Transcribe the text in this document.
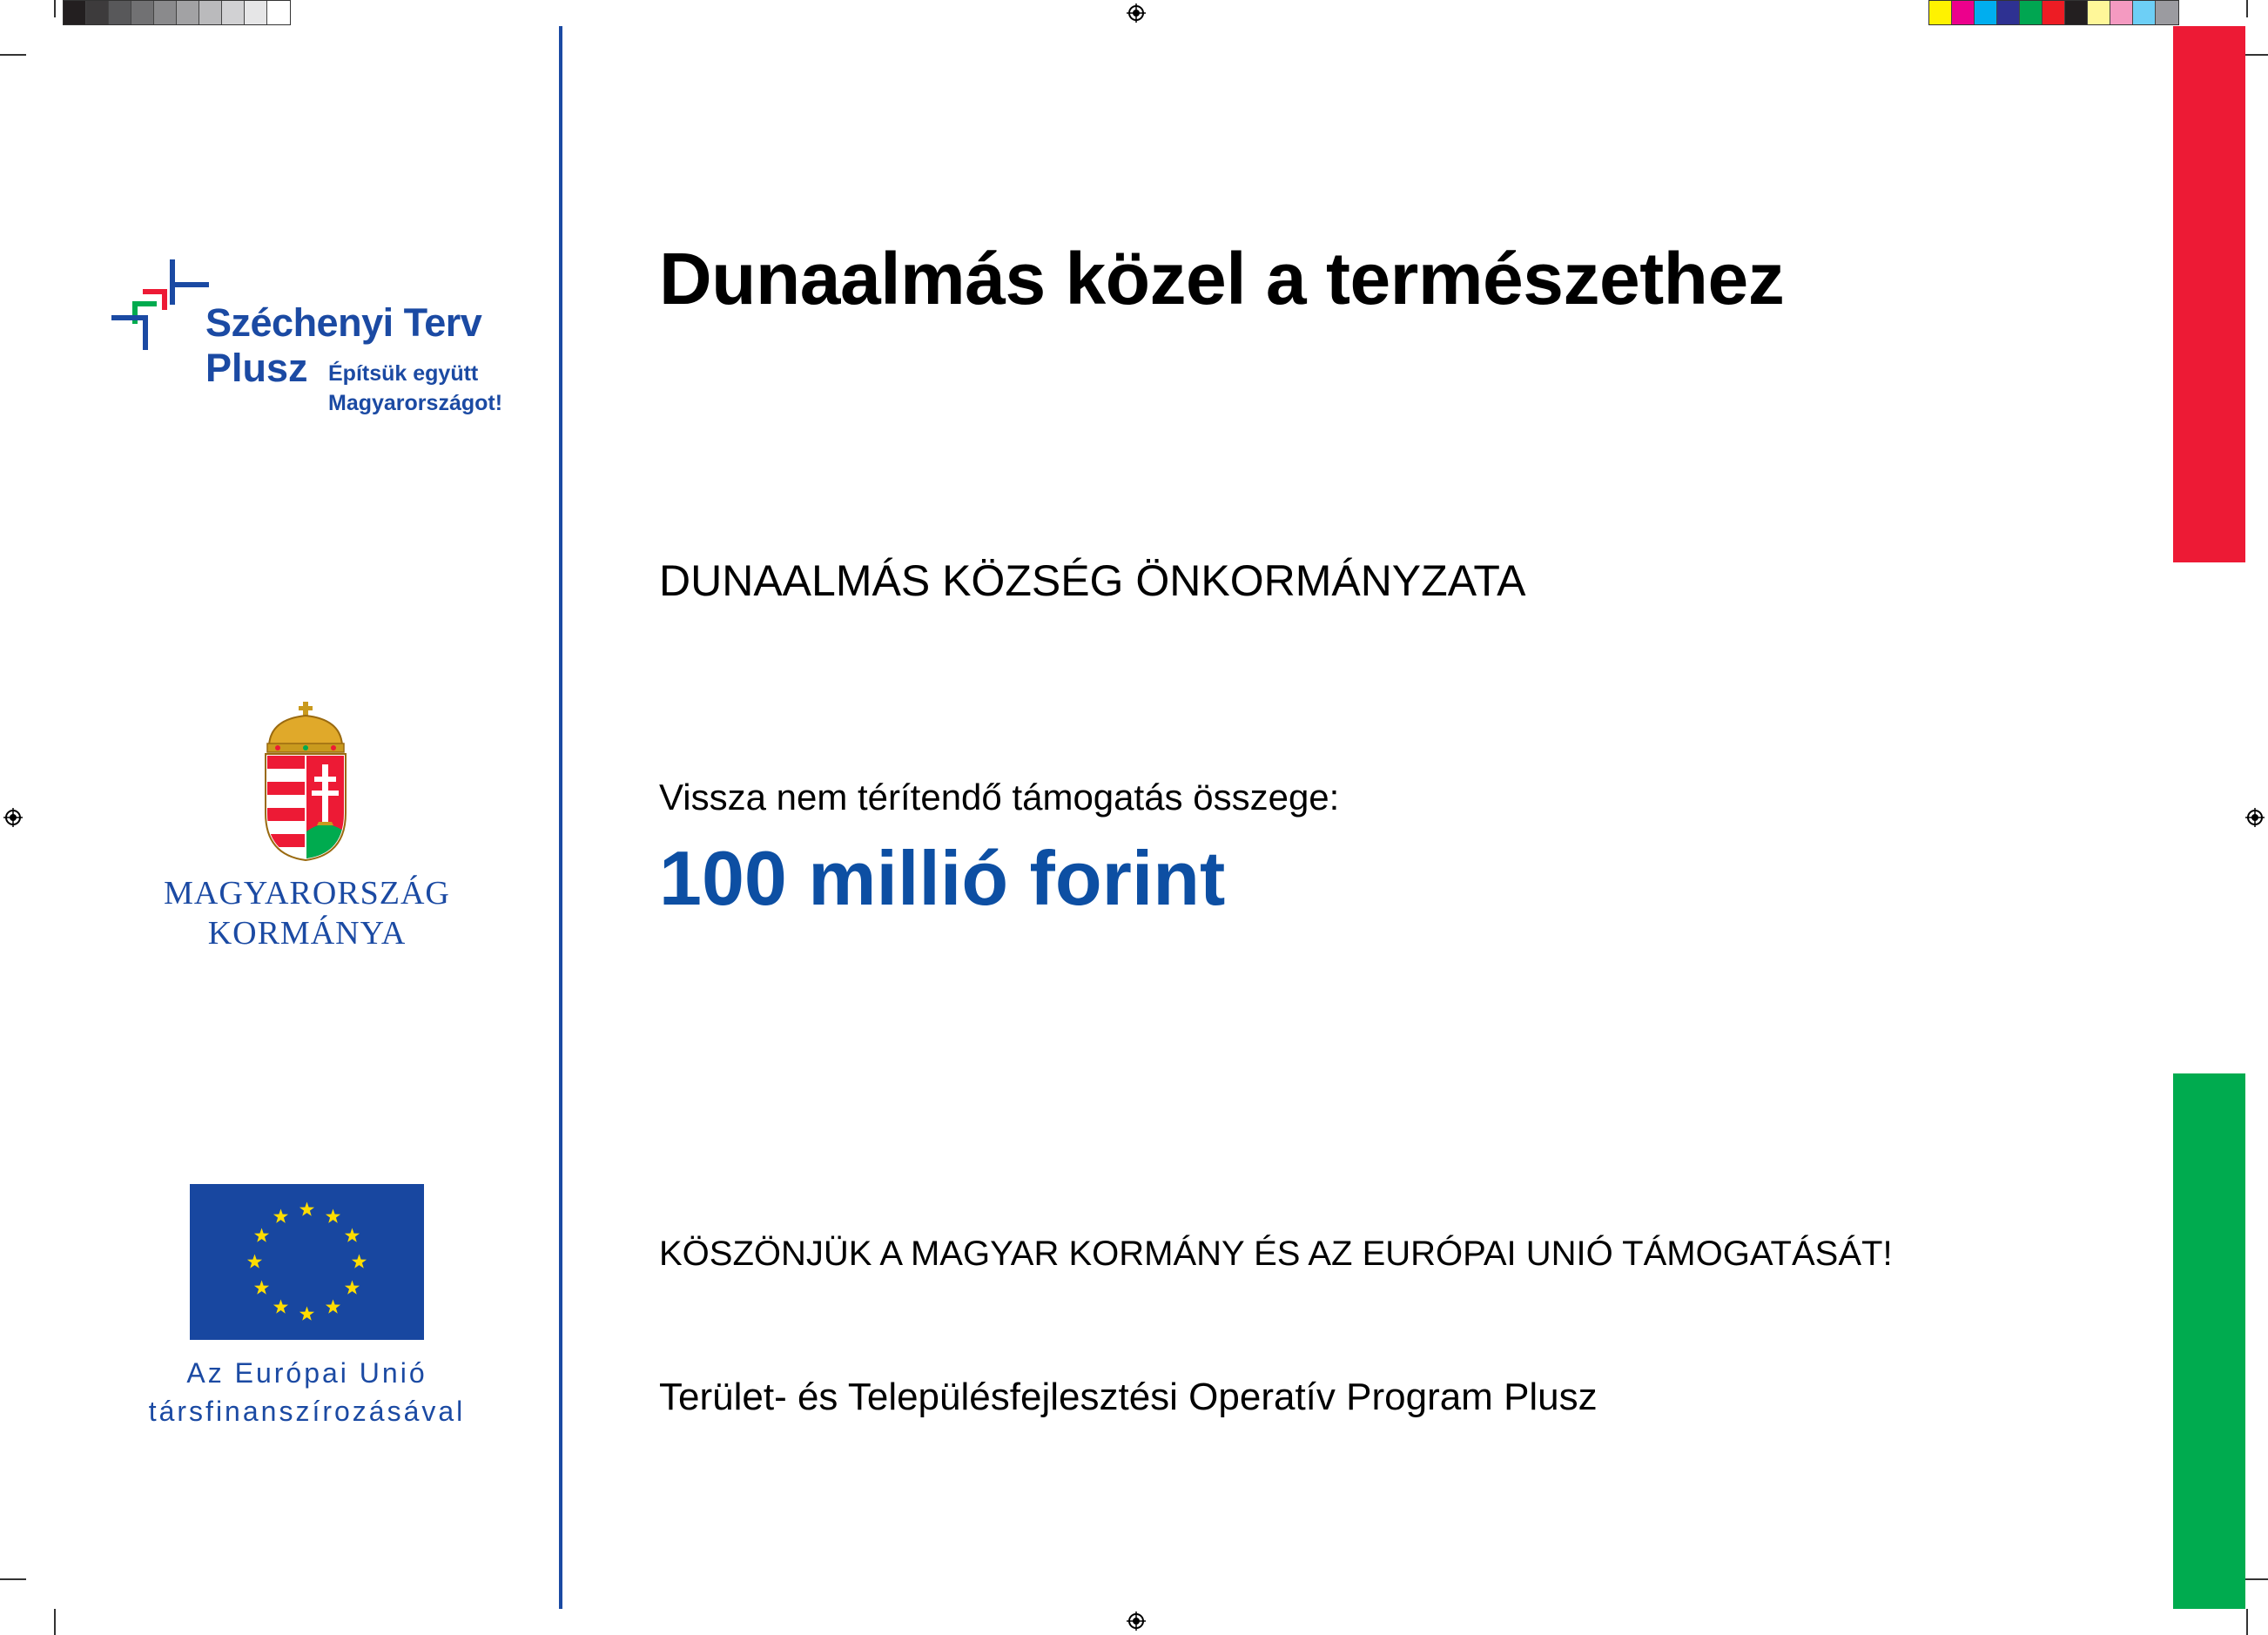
Széchenyi Terv
Plusz Építsük együtt
Magyarországot!
MAGYARORSZÁG
KORMÁNYA
Az Európai Unió
társfinanszírozásával
Dunaalmás közel a természethez
DUNAALMÁS KÖZSÉG ÖNKORMÁNYZATA
Vissza nem térítendő támogatás összege:
100 millió forint
KÖSZÖNJÜK A MAGYAR KORMÁNY ÉS AZ EURÓPAI UNIÓ TÁMOGATÁSÁT!
Terület- és Településfejlesztési Operatív Program Plusz
